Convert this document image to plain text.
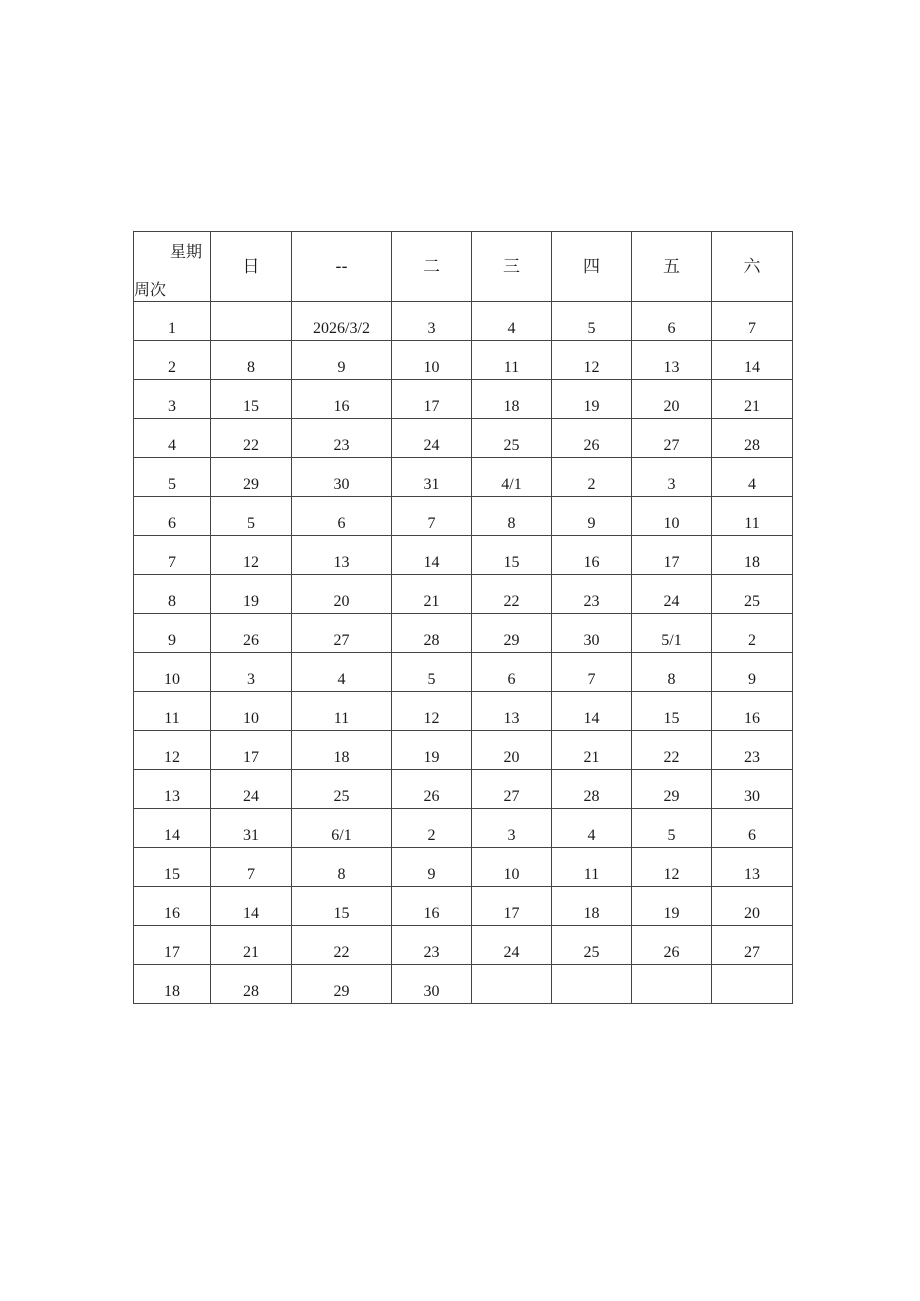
星期
周次	日	--	二	三	四	五	六
1		2026/3/2	3	4	5	6	7
2	8	9	10	11	12	13	14
3	15	16	17	18	19	20	21
4	22	23	24	25	26	27	28
5	29	30	31	4/1	2	3	4
6	5	6	7	8	9	10	11
7	12	13	14	15	16	17	18
8	19	20	21	22	23	24	25
9	26	27	28	29	30	5/1	2
10	3	4	5	6	7	8	9
11	10	11	12	13	14	15	16
12	17	18	19	20	21	22	23
13	24	25	26	27	28	29	30
14	31	6/1	2	3	4	5	6
15	7	8	9	10	11	12	13
16	14	15	16	17	18	19	20
17	21	22	23	24	25	26	27
18	28	29	30				
